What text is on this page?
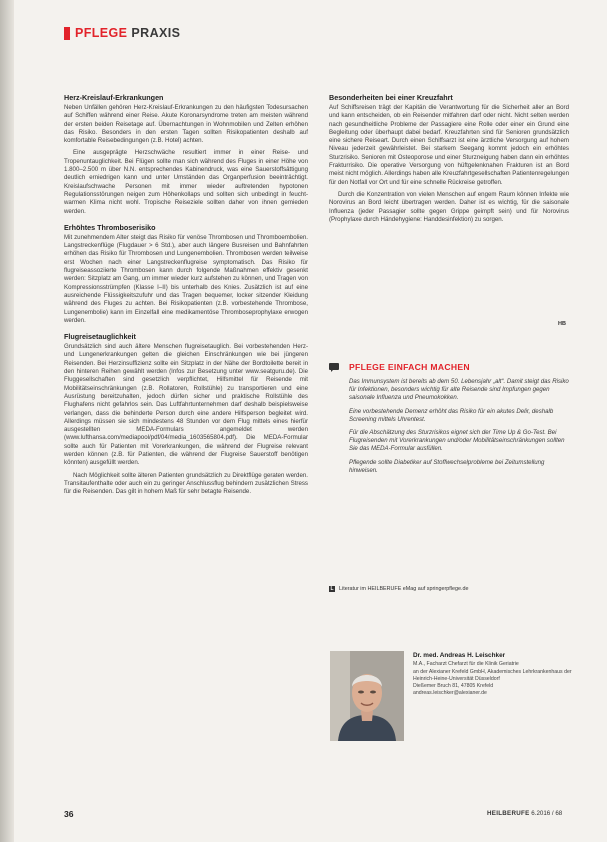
PFLEGE PRAXIS
Herz-Kreislauf-Erkrankungen

Neben Unfällen gehören Herz-Kreislauf-Erkrankungen zu den häufigsten Todesursachen auf Schiffen während einer Reise. Akute Koronarsyndrome treten am meisten während der ersten beiden Reisetage auf. Übernachtungen in Wohnmobilen und Zelten erhöhen das Risiko. Besonders in den ersten Tagen sollten Risikopatienten deshalb auf komfortable Reisebedingungen (z.B. Hotel) achten.

Eine ausgeprägte Herzschwäche resultiert immer in einer Reise- und Tropenuntauglichkeit. Bei Flügen sollte man sich während des Fluges in einer Höhe von 1.800–2.500 m über N.N. entsprechendes Kabinendruck, was eine Sauerstoffsättigung deutlich erniedrigen kann und unter Umständen das Organperfusion beeinträchtigt. Kreislaufschwache Personen mit immer wieder auftretenden hypotonen Regulationsstörungen neigen zum Höhenkollaps und sollten sich unbedingt in feucht-warmen Klima nicht wohl. Tropische Reiseziele sollten daher von ihnen gemieden werden.

Erhöhtes Thromboserisiko

Mit zunehmendem Alter steigt das Risiko für venöse Thrombosen und Thromboembolien. Langstreckenflüge (Flugdauer > 6 Std.), aber auch längere Busreisen und Bahnfahrten erhöhen das Risiko für Thrombosen und Lungenembolien. Thrombosen werden teilweise erst Wochen nach einer Langstreckenflugreise symptomatisch. Das Risiko für flugreiseassoziierte Thrombosen kann durch folgende Maßnahmen effektiv gesenkt werden: Sitzplatz am Gang, um immer wieder kurz aufstehen zu können, und Tragen von Kompressionsstrümpfen (Klasse I–II) bis unterhalb des Knies. Zusätzlich ist auf eine ausreichende Flüssigkeitszufuhr und das Tragen bequemer, locker sitzender Kleidung während des Fluges zu achten. Bei Risikopatienten (z.B. vorbestehende Thrombose, Lungenembolie) kann im Einzelfall eine medikamentöse Thromboseprophylaxe erwogen werden.

Flugreisetauglichkeit

Grundsätzlich sind auch ältere Menschen flugreisetauglich. Bei vorbestehenden Herz- und Lungenerkrankungen gelten die gleichen Einschränkungen wie bei jüngeren Reisenden. Bei Herzinsuffizienz sollte ein Sitzplatz in der Nähe der Bordtoilette bereit in den hinteren Reihen gewählt werden (Infos zur Besetzung unter www.seatguru.de). Die Fluggesellschaften sind gesetzlich verpflichtet, Hilfsmittel für Reisende mit Mobilitätseinschränkungen (z.B. Rollatoren, Rollstühle) zu transportieren und eine Ausrüstung bereitzuhalten, jedoch dürfen sicher und praktische Rollstühle des Flughafens nicht gefahrlos sein. Das Luftfahrtunternehmen darf deshalb beispielsweise verlangen, dass die behinderte Person durch eine andere Hilfsperson begleitet wird. Allerdings müssen sie sich mindestens 48 Stunden vor dem Flug mittels eines hierfür ausgestellten MEDA-Formulars angemeldet werden (www.lufthansa.com/mediapool/pdf/04/media_1603565804.pdf). Die MEDA-Formular sollte auch für Patienten mit Vorerkrankungen, die während der Flugreise relevant werden können (z.B. für Patienten, die während der Flugreise Sauerstoff benötigen könnten) ausgefüllt werden.

Nach Möglichkeit sollte älteren Patienten grundsätzlich zu Direktflüge geraten werden. Transitaufenthalte oder auch ein zu geringer Anschlussflug behindern zusätzlichen Stress für die Reisenden. Das gilt in hohem Maß für sehr betagte Reisende.

Besonderheiten bei einer Kreuzfahrt

Auf Schiffsreisen trägt der Kapitän die Verantwortung für die Sicherheit aller an Bord und kann entscheiden, ob ein Reisender mitfahren darf oder nicht. Nicht selten werden nach gesundheitliche Probleme der Passagiere eine Rolle oder einer ein Grund eine Begleitung oder überhaupt dabei bedarf. Kreuzfahrten sind für Senioren grundsätzlich eine sichere Reiseart. Durch einen Schiffsarzt ist eine ärztliche Versorgung auf hohem Niveau jederzeit gewährleistet. Bei starkem Seegang kommt jedoch ein erhöhtes Sturzrisiko. Senioren mit Osteoporose und einer Sturzneigung haben dann ein erhöhtes Frakturrisiko. Die operative Versorgung von hüftgelenknahen Frakturen ist an Bord meist nicht möglich. Allerdings haben alle Kreuzfahrtgesellschaften Patientenregelungen für den Notfall vor Ort und für eine schnelle Rückreise getroffen.

Durch die Konzentration von vielen Menschen auf engem Raum können Infekte wie Norovirus an Bord leicht übertragen werden. Daher ist es wichtig, für die saisonale Influenza (jeder Passagier sollte gegen Grippe geimpft sein) und für Norovirus (Prophylaxe durch Händehygiene: Handdesinfektion) zu sorgen.

HB
PFLEGE EINFACH MACHEN

Das Immunsystem ist bereits ab dem 50. Lebensjahr „alt“. Damit steigt das Risiko für Infektionen, besonders wichtig für alte Reisende sind Impfungen gegen saisonale Influenza und Pneumokokken.

Eine vorbestehende Demenz erhöht das Risiko für ein akutes Delir, deshalb Screening mittels Uhrentest.

Für die Abschätzung des Sturzrisikos eignet sich der Time Up & Go-Test. Bei Flugreisenden mit Vorerkrankungen und/oder Mobilitätseinschränkungen sollten Sie das MEDA-Formular ausfüllen.

Pflegende sollte Diabetiker auf Stoffwechselprobleme bei Zeitumstellung hinweisen.

L Literatur im HEILBERUFE eMag auf springerpflege.de
Dr. med. Andreas H. Leischker
M.A., Facharzt Chefarzt für die Klinik Geriatrie
an der Alexianer Krefeld GmbH, Akademisches Lehrkrankenhaus der
Heinrich-Heine-Universität Düsseldorf
Dießemer Bruch 81, 47805 Krefeld
andreas.leischker@alexianer.de
36	HEILBERUFE 6.2016 / 68
